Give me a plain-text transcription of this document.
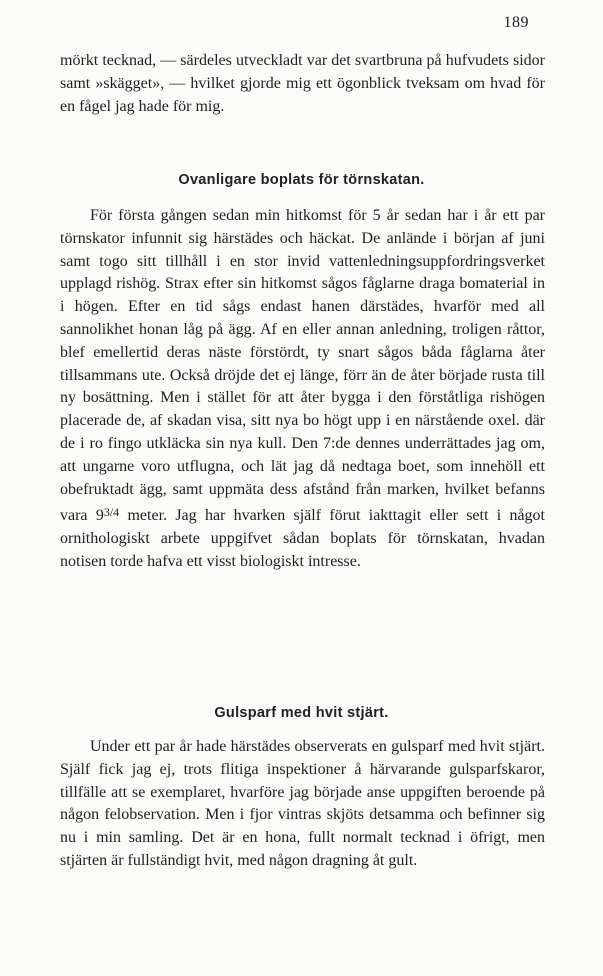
189

mörkt tecknad, — särdeles utveckladt var det svartbruna på hufvudets sidor samt »skägget», — hvilket gjorde mig ett ögonblick tveksam om hvad för en fågel jag hade för mig.

Ovanligare boplats för törnskatan.

För första gången sedan min hitkomst för 5 år sedan har i år ett par törnskator infunnit sig härstädes och häckat. De anlände i början af juni samt togo sitt tillhåll i en stor invid vattenledningsuppfordringsverket upplagd rishög. Strax efter sin hitkomst sågos fåglarne draga bomaterial in i högen. Efter en tid sågs endast hanen därstädes, hvarför med all sannolikhet honan låg på ägg. Af en eller annan anledning, troligen råttor, blef emellertid deras näste förstördt, ty snart sågos båda fåglarna åter tillsammans ute. Också dröjde det ej länge, förr än de åter började rusta till ny bosättning. Men i stället för att åter bygga i den förståtliga rishögen placerade de, af skadan visa, sitt nya bo högt upp i en närstående oxel. där de i ro fingo utkläcka sin nya kull. Den 7:de dennes underrättades jag om, att ungarne voro utflugna, och lät jag då nedtaga boet, som innehöll ett obefruktadt ägg, samt uppmäta dess afstånd från marken, hvilket befanns vara $9^{3/4}$ meter. Jag har hvarken själf förut iakttagit eller sett i något ornithologiskt arbete uppgifvet sådan boplats för törnskatan, hvadan notisen torde hafva ett visst biologiskt intresse.

Gulsparf med hvit stjärt.

Under ett par år hade härstädes observerats en gulsparf med hvit stjärt. Själf fick jag ej, trots flitiga inspektioner å härvarande gulsparfskaror, tillfälle att se exemplaret, hvarföre jag började anse uppgiften beroende på någon felobservation. Men i fjor vintras skjöts detsamma och befinner sig nu i min samling. Det är en hona, fullt normalt tecknad i öfrigt, men stjärten är fullständigt hvit, med någon dragning åt gult.
